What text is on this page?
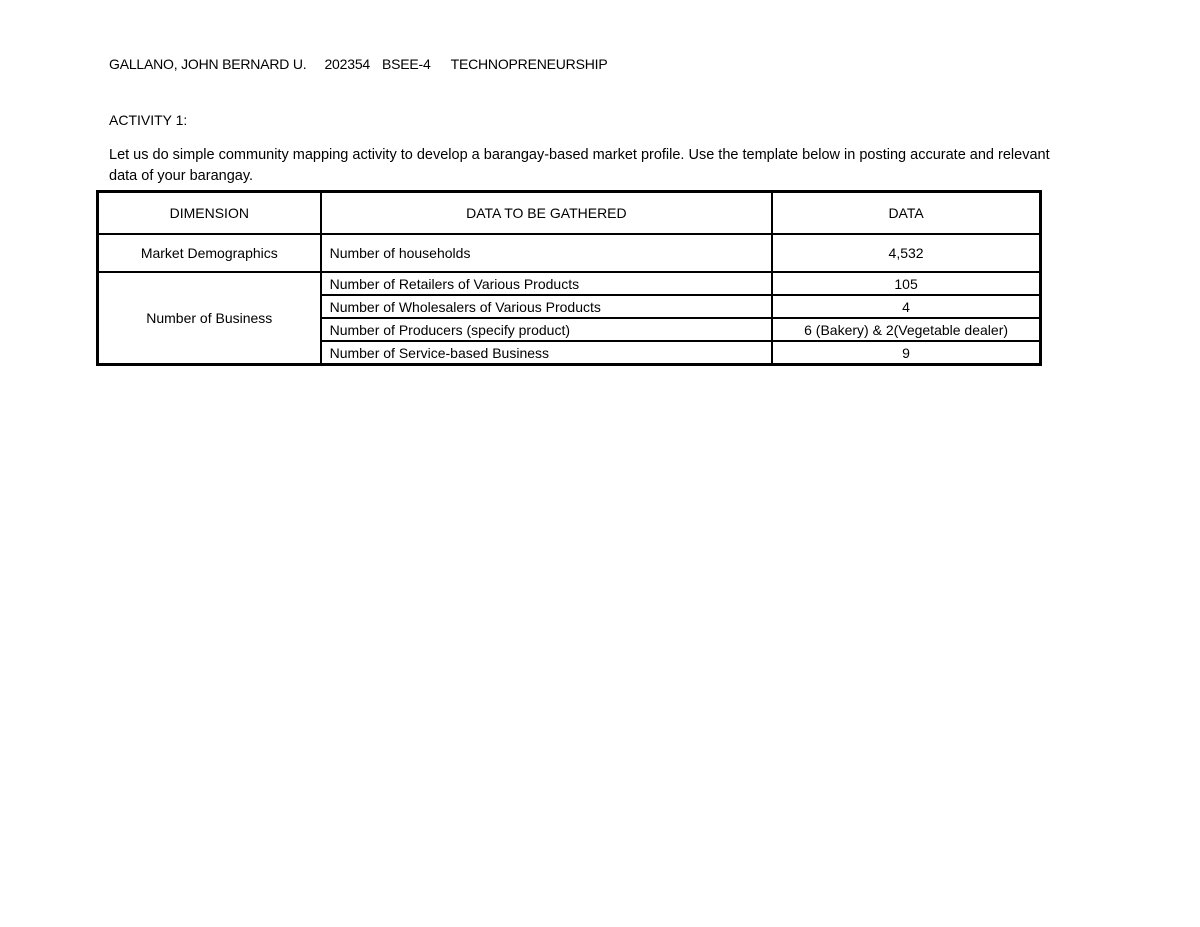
GALLANO, JOHN BERNARD U. 202354 BSEE-4 TECHNOPRENEURSHIP
ACTIVITY 1:
Let us do simple community mapping activity to develop a barangay-based market profile. Use the template below in posting accurate and relevant data of your barangay.
DIMENSION	DATA TO BE GATHERED	DATA
Market Demographics	Number of households	4,532
Number of Business	Number of Retailers of Various Products	105
	Number of Wholesalers of Various Products	4
	Number of Producers (specify product)	6 (Bakery) & 2(Vegetable dealer)
	Number of Service-based Business	9
